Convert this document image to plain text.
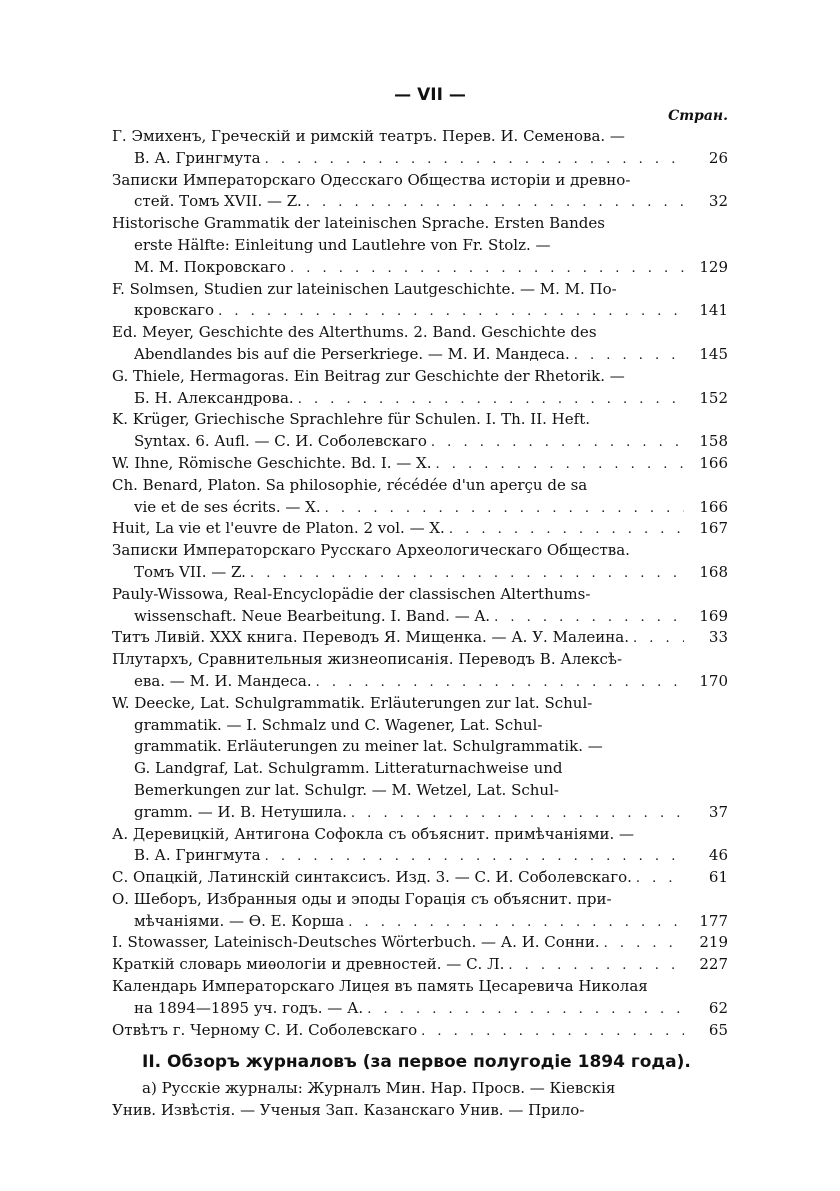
— VII —
Стран.
Г. Эмихенъ, Греческій и римскій театръ. Перев. И. Семенова. —
В. А. Грингмута . . .	26
Записки Императорскаго Одесскаго Общества исторіи и древно-
стей. Томъ XVII. — Z. . . .	32
Historische Grammatik der lateinischen Sprache. Ersten Bandes
erste Hälfte: Einleitung und Lautlehre von Fr. Stolz. —
М. М. Покровскаго . . .	129
F. Solmsen, Studien zur lateinischen Lautgeschichte. — М. М. По-
кровскаго . . .	141
Ed. Meyer, Geschichte des Alterthums. 2. Band. Geschichte des
Abendlandes bis auf die Perserkriege. — М. И. Мандеса. . . .	145
G. Thiele, Hermagoras. Ein Beitrag zur Geschichte der Rhetorik. —
Б. Н. Александрова. . . .	152
K. Krüger, Griechische Sprachlehre für Schulen. I. Th. II. Heft.
Syntax. 6. Aufl. — С. И. Соболевскаго . . .	158
W. Ihne, Römische Geschichte. Bd. I. — X. . . .	166
Ch. Benard, Platon. Sa philosophie, récédée d'un aperçu de sa
vie et de ses écrits. — X. . . .	166
Huit, La vie et l'euvre de Platon. 2 vol. — X. . . .	167
Записки Императорскаго Русскаго Археологическаго Общества.
Томъ VII. — Z. . . .	168
Pauly-Wissowa, Real-Encyclopädie der classischen Alterthums-
wissenschaft. Neue Bearbeitung. I. Band. — A. . . .	169
Титъ Ливій. XXX книга. Переводъ Я. Мищенка. — А. У. Малеина. . . .	33
Плутархъ, Сравнительныя жизнеописанія. Переводъ В. Алексѣ-
ева. — М. И. Мандеса. . . .	170
W. Deecke, Lat. Schulgrammatik. Erläuterungen zur lat. Schul-
grammatik. — I. Schmalz und C. Wagener, Lat. Schul-
grammatik. Erläuterungen zu meiner lat. Schulgrammatik. —
G. Landgraf, Lat. Schulgramm. Litteraturnachweise und
Bemerkungen zur lat. Schulgr. — M. Wetzel, Lat. Schul-
gramm. — И. В. Нетушила. . . .	37
А. Деревицкій, Антигона Софокла съ объяснит. примѣчаніями. —
В. А. Грингмута . . .	46
С. Опацкій, Латинскій синтаксисъ. Изд. 3. — С. И. Соболевскаго. . . .	61
О. Шеборъ, Избранныя оды и эподы Горація съ объяснит. при-
мѣчаніями. — Ѳ. Е. Корша . . .	177
I. Stowasser, Lateinisch-Deutsches Wörterbuch. — А. И. Сонни. . . .	219
Краткій словарь миѳологіи и древностей. — С. Л. . . .	227
Календарь Императорскаго Лицея въ память Цесаревича Николая
на 1894—1895 уч. годъ. — А. . . .	62
Отвѣтъ г. Черному С. И. Соболевскаго . . .	65
II. Обзоръ журналовъ (за первое полугодіе 1894 года).
а) Русскіе журналы: Журналъ Мин. Нар. Просв. — Кіевскія
Унив. Извѣстія. — Ученыя Зап. Казанскаго Унив. — Прило-
